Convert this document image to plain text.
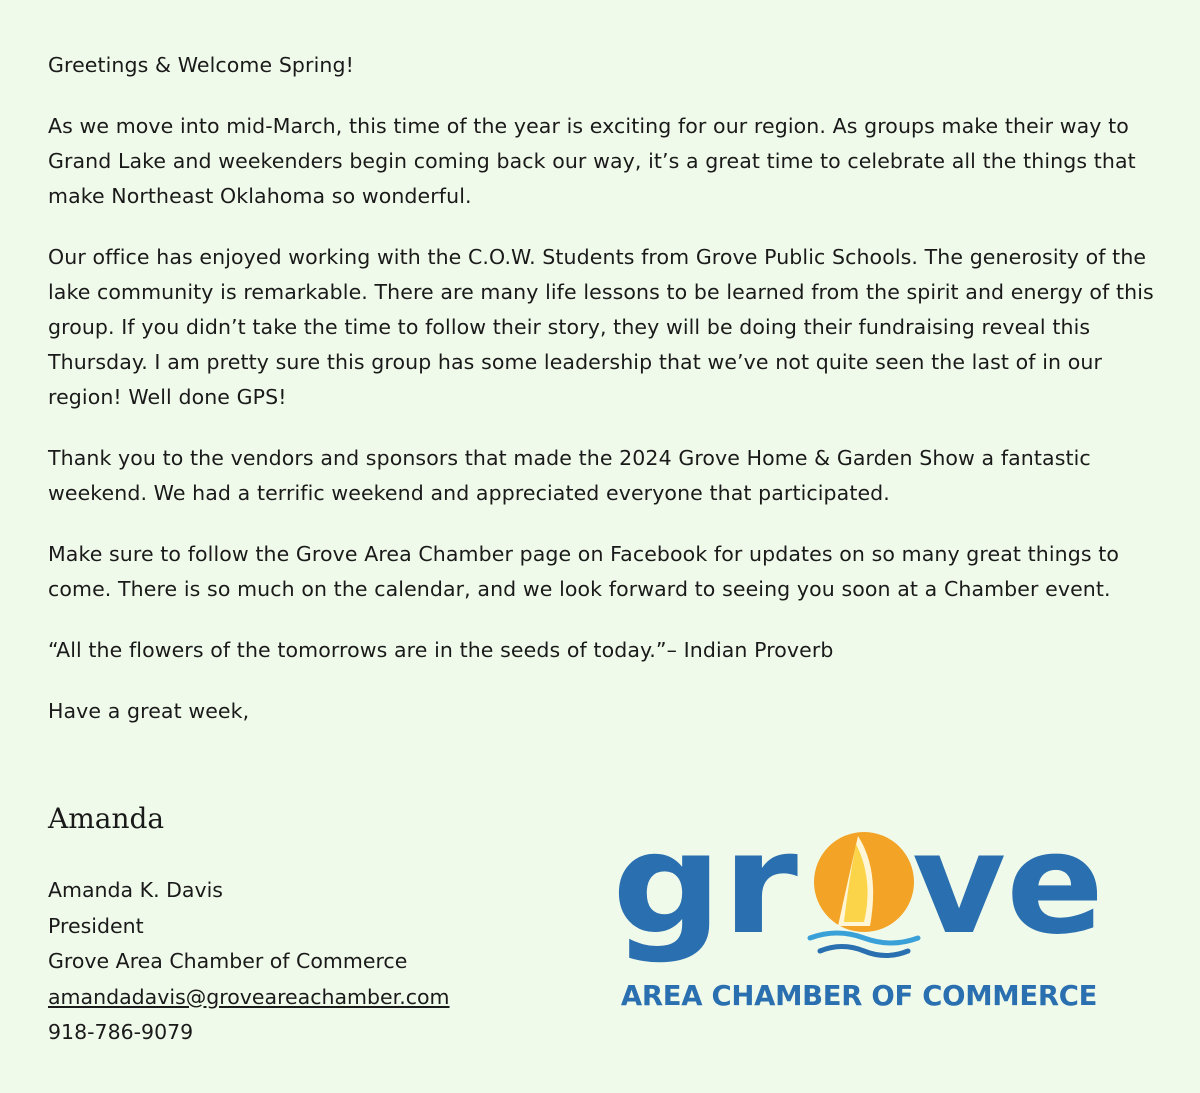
Greetings & Welcome Spring!

As we move into mid-March, this time of the year is exciting for our region. As groups make their way to Grand Lake and weekenders begin coming back our way, it’s a great time to celebrate all the things that make Northeast Oklahoma so wonderful.

Our office has enjoyed working with the C.O.W. Students from Grove Public Schools. The generosity of the lake community is remarkable. There are many life lessons to be learned from the spirit and energy of this group. If you didn’t take the time to follow their story, they will be doing their fundraising reveal this Thursday. I am pretty sure this group has some leadership that we’ve not quite seen the last of in our region! Well done GPS!

Thank you to the vendors and sponsors that made the 2024 Grove Home & Garden Show a fantastic weekend. We had a terrific weekend and appreciated everyone that participated.

Make sure to follow the Grove Area Chamber page on Facebook for updates on so many great things to come. There is so much on the calendar, and we look forward to seeing you soon at a Chamber event.

“All the flowers of the tomorrows are in the seeds of today.”– Indian Proverb

Have a great week,

Amanda
Amanda K. Davis
President
Grove Area Chamber of Commerce
amandadavis@groveareachamber.com
918-786-9079
gr ve
AREA CHAMBER OF COMMERCE
